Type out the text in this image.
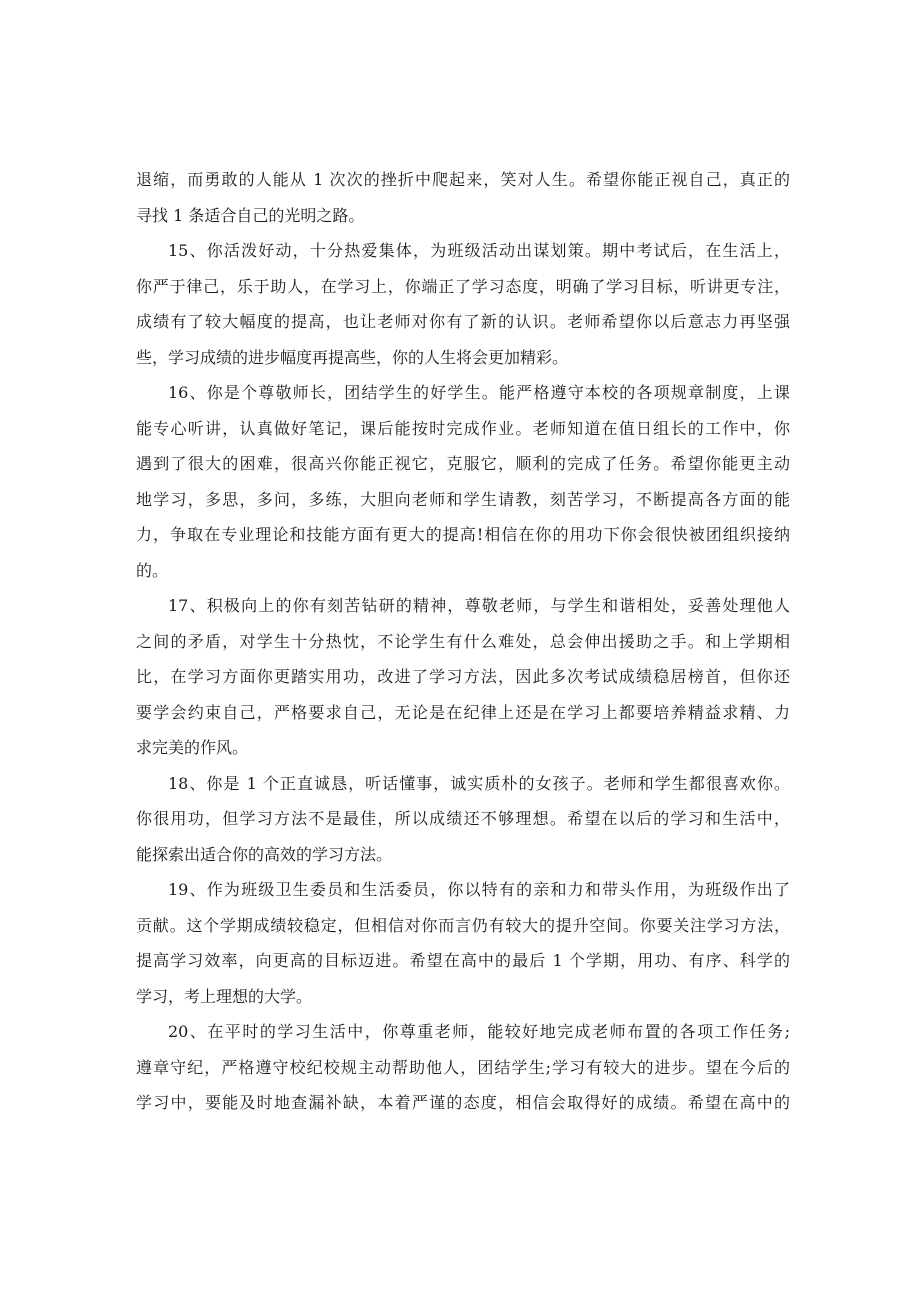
退缩，而勇敢的人能从 1 次次的挫折中爬起来，笑对人生。希望你能正视自己，真正的
寻找 1 条适合自己的光明之路。
15、你活泼好动，十分热爱集体，为班级活动出谋划策。期中考试后，在生活上，
你严于律己，乐于助人，在学习上，你端正了学习态度，明确了学习目标，听讲更专注，
成绩有了较大幅度的提高，也让老师对你有了新的认识。老师希望你以后意志力再坚强
些，学习成绩的进步幅度再提高些，你的人生将会更加精彩。
16、你是个尊敬师长，团结学生的好学生。能严格遵守本校的各项规章制度，上课
能专心听讲，认真做好笔记，课后能按时完成作业。老师知道在值日组长的工作中，你
遇到了很大的困难，很高兴你能正视它，克服它，顺利的完成了任务。希望你能更主动
地学习，多思，多问，多练，大胆向老师和学生请教，刻苦学习，不断提高各方面的能
力，争取在专业理论和技能方面有更大的提高!相信在你的用功下你会很快被团组织接纳
的。
17、积极向上的你有刻苦钻研的精神，尊敬老师，与学生和谐相处，妥善处理他人
之间的矛盾，对学生十分热忱，不论学生有什么难处，总会伸出援助之手。和上学期相
比，在学习方面你更踏实用功，改进了学习方法，因此多次考试成绩稳居榜首，但你还
要学会约束自己，严格要求自己，无论是在纪律上还是在学习上都要培养精益求精、力
求完美的作风。
18、你是 1 个正直诚恳，听话懂事，诚实质朴的女孩子。老师和学生都很喜欢你。
你很用功，但学习方法不是最佳，所以成绩还不够理想。希望在以后的学习和生活中，
能探索出适合你的高效的学习方法。
19、作为班级卫生委员和生活委员，你以特有的亲和力和带头作用，为班级作出了
贡献。这个学期成绩较稳定，但相信对你而言仍有较大的提升空间。你要关注学习方法，
提高学习效率，向更高的目标迈进。希望在高中的最后 1 个学期，用功、有序、科学的
学习，考上理想的大学。
20、在平时的学习生活中，你尊重老师，能较好地完成老师布置的各项工作任务;
遵章守纪，严格遵守校纪校规主动帮助他人，团结学生;学习有较大的进步。望在今后的
学习中，要能及时地查漏补缺，本着严谨的态度，相信会取得好的成绩。希望在高中的
